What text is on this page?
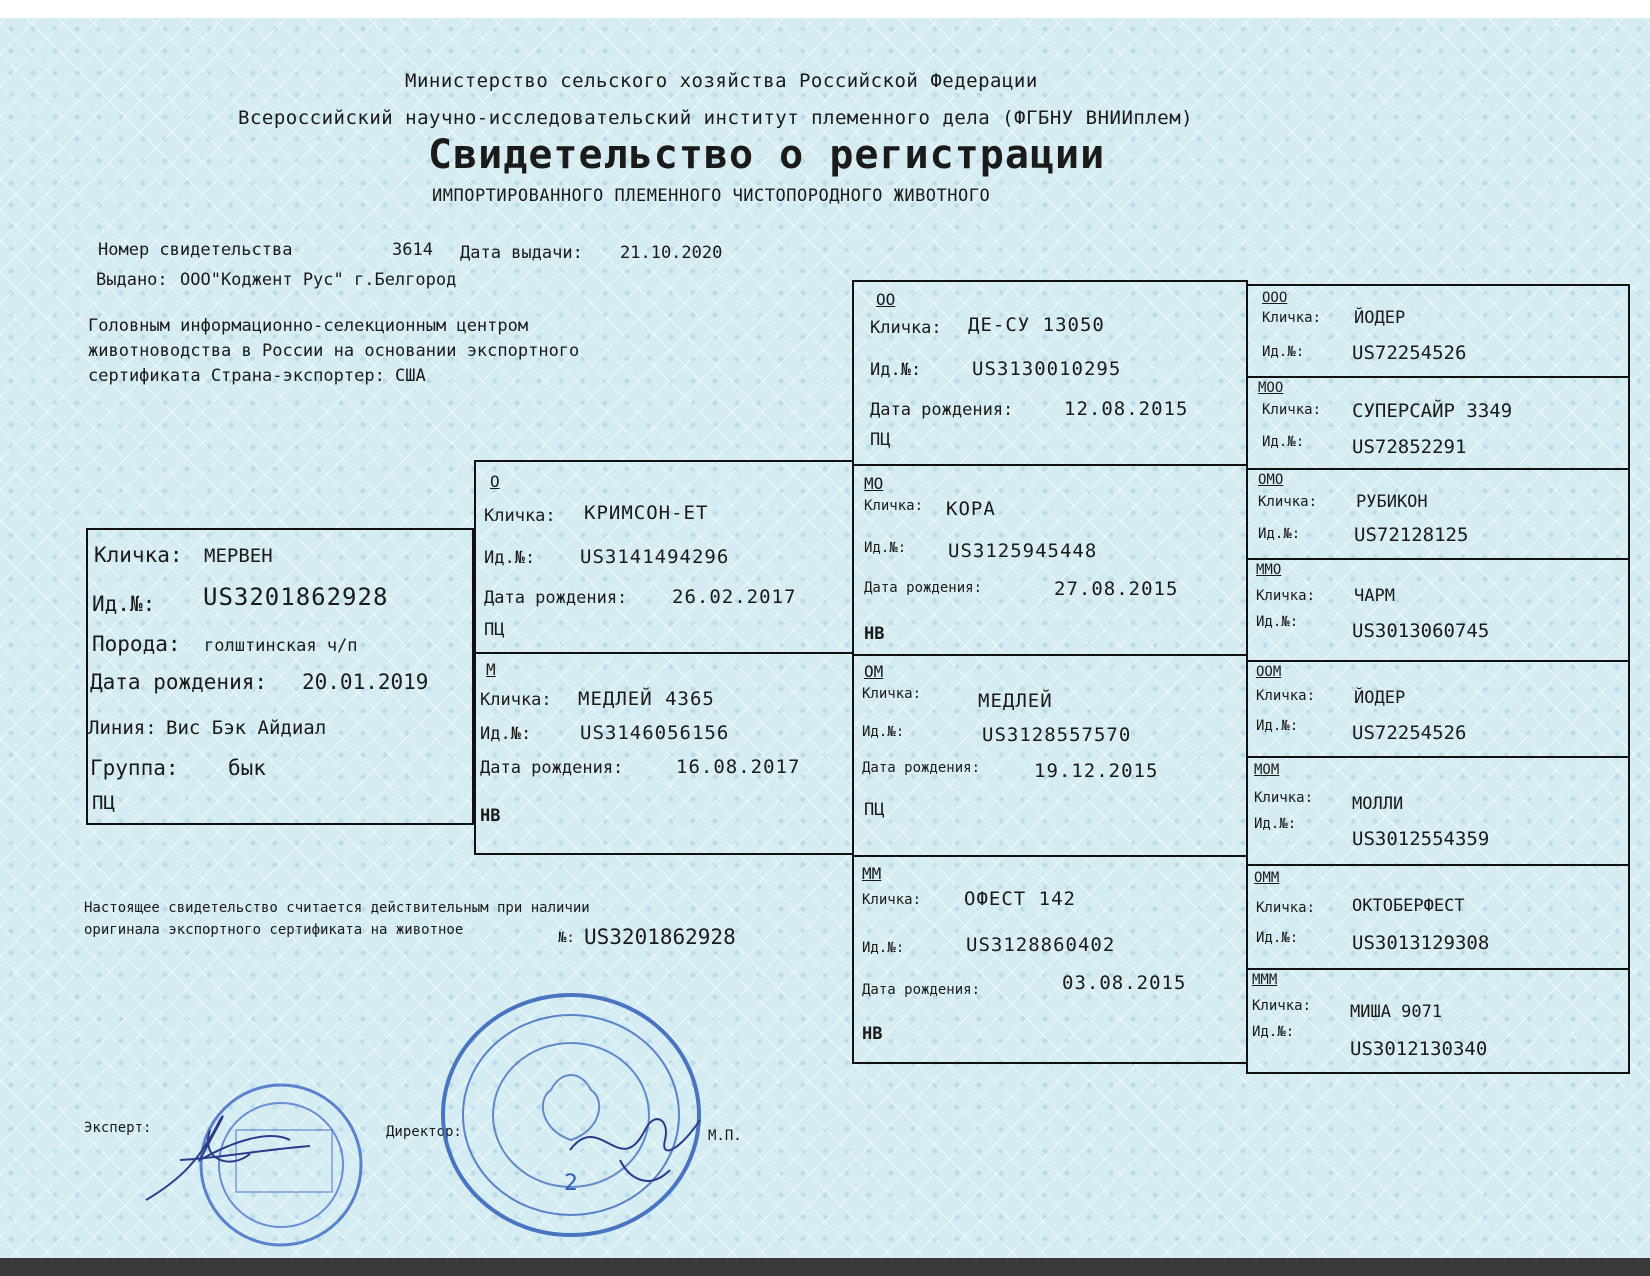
Министерство сельского хозяйства Российской Федерации
Всероссийский научно-исследовательский институт племенного дела (ФГБНУ ВНИИплем)
Свидетельство о регистрации
ИМПОРТИРОВАННОГО ПЛЕМЕННОГО ЧИСТОПОРОДНОГО ЖИВОТНОГО
Номер свидетельства	3614 Дата выдачи: 21.10.2020
Выдано: ООО"Коджент Рус" г.Белгород
Головным информационно-селекционным центром
животноводства в России на основании экспортного
сертификата Страна-экспортер: США
Кличка: МЕРВЕН
Ид.№: US3201862928
Порода: голштинская ч/п
Дата рождения: 20.01.2019
Линия: Вис Бэк Айдиал
Группа: бык
ПЦ
О
Кличка: КРИМСОН-ЕТ
Ид.№: US3141494296
Дата рождения: 26.02.2017
ПЦ
М
Кличка: МЕДЛЕЙ 4365
Ид.№:	US3146056156
Дата рождения:	16.08.2017
НВ
ОО
Кличка: ДЕ-СУ 13050
Ид.№:	US3130010295
Дата рождения:	12.08.2015
ПЦ
МО
Кличка: КОРА
Ид.№: US3125945448
Дата рождения:	27.08.2015
НВ
ОМ
Кличка:	МЕДЛЕЙ
Ид.№:	US3128557570
Дата рождения:	19.12.2015
ПЦ
ММ
Кличка: ОФЕСТ 142
Ид.№:	US3128860402
Дата рождения:	03.08.2015
НВ
ООО
Кличка: ЙОДЕР
Ид.№:	US72254526
МОО
Кличка: СУПЕРСАЙР 3349
Ид.№:	US72852291
ОМО
Кличка: РУБИКОН
Ид.№:	US72128125
ММО
Кличка: ЧАРМ
Ид.№:	US3013060745
ООМ
Кличка: ЙОДЕР
Ид.№:	US72254526
МОМ
Кличка: МОЛЛИ
Ид.№:
US3012554359
ОММ
Кличка: ОКТОБЕРФЕСТ
Ид.№:	US3013129308
МММ
Кличка: МИША 9071
Ид.№:
US3012130340
Настоящее свидетельство считается действительным при наличии
оригинала экспортного сертификата на животное	№: US3201862928
Эксперт:	Директор:	М.П.
2
